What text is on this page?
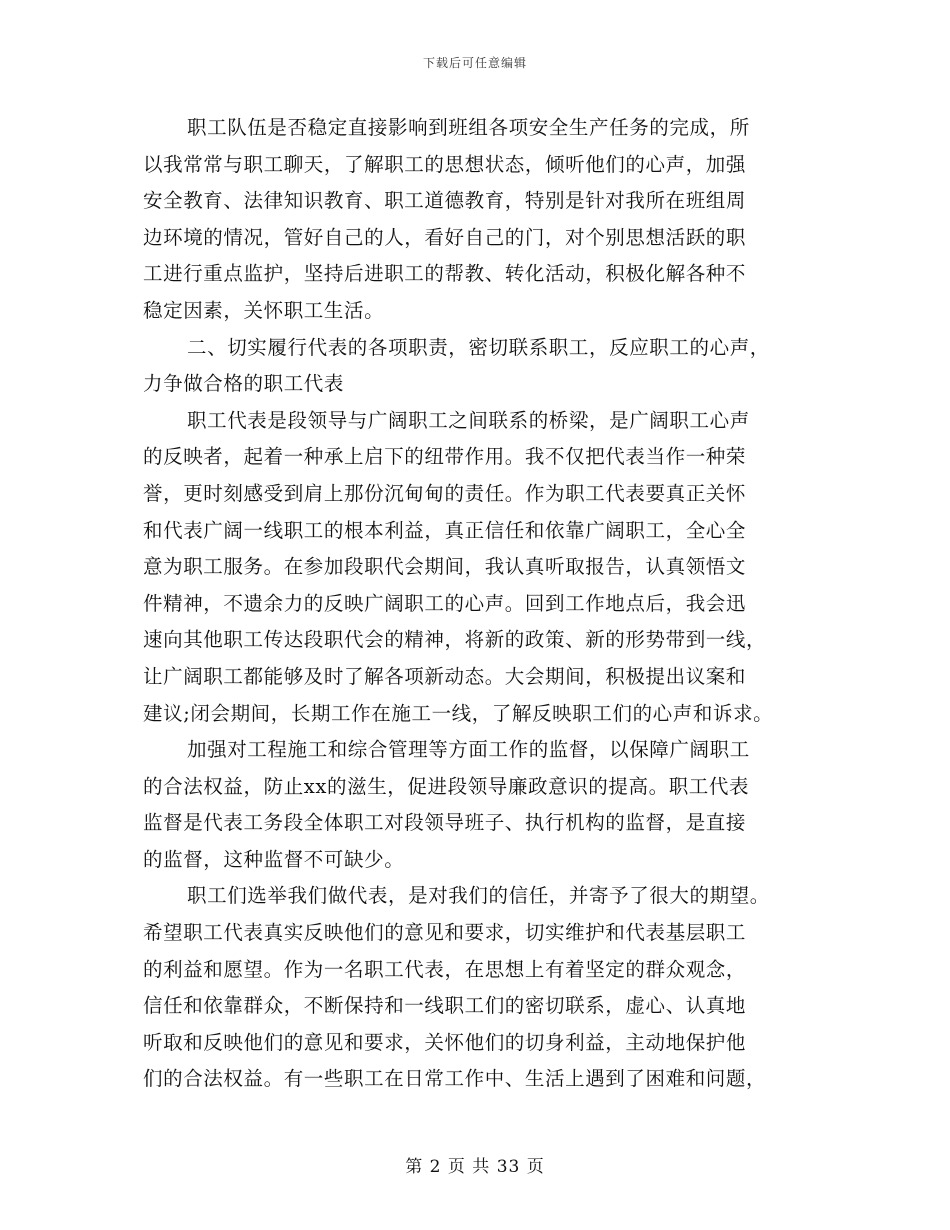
下载后可任意编辑
职工队伍是否稳定直接影响到班组各项安全生产任务的完成，所
以我常常与职工聊天，了解职工的思想状态，倾听他们的心声，加强
安全教育、法律知识教育、职工道德教育，特别是针对我所在班组周
边环境的情况，管好自己的人，看好自己的门，对个别思想活跃的职
工进行重点监护，坚持后进职工的帮教、转化活动，积极化解各种不
稳定因素，关怀职工生活。
二、切实履行代表的各项职责，密切联系职工，反应职工的心声，
力争做合格的职工代表
职工代表是段领导与广阔职工之间联系的桥梁，是广阔职工心声
的反映者，起着一种承上启下的纽带作用。我不仅把代表当作一种荣
誉，更时刻感受到肩上那份沉甸甸的责任。作为职工代表要真正关怀
和代表广阔一线职工的根本利益，真正信任和依靠广阔职工，全心全
意为职工服务。在参加段职代会期间，我认真听取报告，认真领悟文
件精神，不遗余力的反映广阔职工的心声。回到工作地点后，我会迅
速向其他职工传达段职代会的精神，将新的政策、新的形势带到一线，
让广阔职工都能够及时了解各项新动态。大会期间，积极提出议案和
建议;闭会期间，长期工作在施工一线，了解反映职工们的心声和诉求。
加强对工程施工和综合管理等方面工作的监督，以保障广阔职工
的合法权益，防止xx的滋生，促进段领导廉政意识的提高。职工代表
监督是代表工务段全体职工对段领导班子、执行机构的监督，是直接
的监督，这种监督不可缺少。
职工们选举我们做代表，是对我们的信任，并寄予了很大的期望。
希望职工代表真实反映他们的意见和要求，切实维护和代表基层职工
的利益和愿望。作为一名职工代表，在思想上有着坚定的群众观念，
信任和依靠群众，不断保持和一线职工们的密切联系，虚心、认真地
听取和反映他们的意见和要求，关怀他们的切身利益，主动地保护他
们的合法权益。有一些职工在日常工作中、生活上遇到了困难和问题，
第 2 页 共 33 页
